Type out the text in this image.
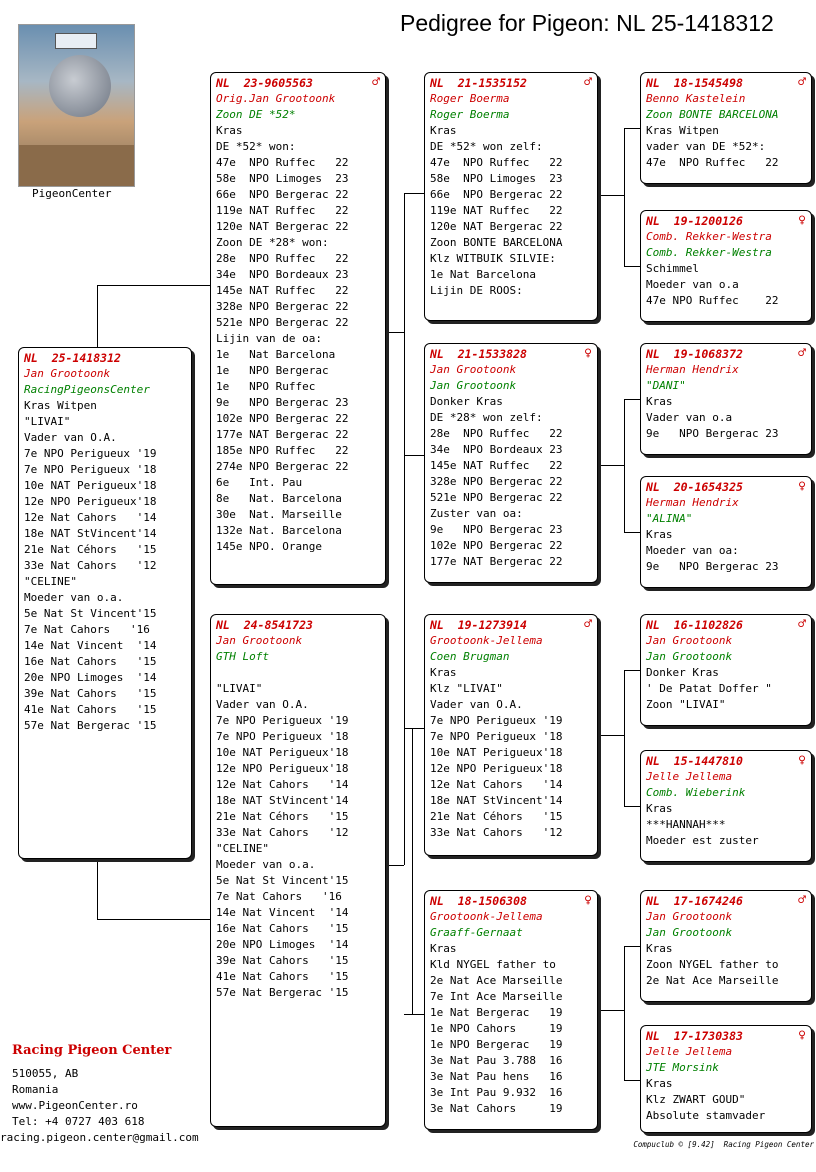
Pedigree for Pigeon: NL 25-1418312
PigeonCenter
NL  25-1418312
Jan Grootoonk
RacingPigeonsCenter
Kras Witpen
"LIVAI"
Vader van O.A.
7e NPO Perigueux '19
7e NPO Perigueux '18
10e NAT Perigueux'18
12e NPO Perigueux'18
12e Nat Cahors   '14
18e NAT StVincent'14
21e Nat Céhors   '15
33e Nat Cahors   '12
"CELINE"
Moeder van o.a.
5e Nat St Vincent'15
7e Nat Cahors   '16
14e Nat Vincent  '14
16e Nat Cahors   '15
20e NPO Limoges  '14
39e Nat Cahors   '15
41e Nat Cahors   '15
57e Nat Bergerac '15
NL  23-9605563	♂
Orig.Jan Grootoonk
Zoon DE *52*
Kras
DE *52* won:
47e  NPO Ruffec   22
58e  NPO Limoges  23
66e  NPO Bergerac 22
119e NAT Ruffec   22
120e NAT Bergerac 22
Zoon DE *28* won:
28e  NPO Ruffec   22
34e  NPO Bordeaux 23
145e NAT Ruffec   22
328e NPO Bergerac 22
521e NPO Bergerac 22
Lijin van de oa:
1e   Nat Barcelona
1e   NPO Bergerac
1e   NPO Ruffec
9e   NPO Bergerac 23
102e NPO Bergerac 22
177e NAT Bergerac 22
185e NPO Ruffec   22
274e NPO Bergerac 22
6e   Int. Pau
8e   Nat. Barcelona
30e  Nat. Marseille
132e Nat. Barcelona
145e NPO. Orange
NL  24-8541723
Jan Grootoonk
GTH Loft
"LIVAI"
Vader van O.A.
7e NPO Perigueux '19
7e NPO Perigueux '18
10e NAT Perigueux'18
12e NPO Perigueux'18
12e Nat Cahors   '14
18e NAT StVincent'14
21e Nat Céhors   '15
33e Nat Cahors   '12
"CELINE"
Moeder van o.a.
5e Nat St Vincent'15
7e Nat Cahors   '16
14e Nat Vincent  '14
16e Nat Cahors   '15
20e NPO Limoges  '14
39e Nat Cahors   '15
41e Nat Cahors   '15
57e Nat Bergerac '15
NL  21-1535152	♂
Roger Boerma
Roger Boerma
Kras
DE *52* won zelf:
47e  NPO Ruffec   22
58e  NPO Limoges  23
66e  NPO Bergerac 22
119e NAT Ruffec   22
120e NAT Bergerac 22
Zoon BONTE BARCELONA
Klz WITBUIK SILVIE:
1e Nat Barcelona
Lijin DE ROOS:
NL  21-1533828	♀
Jan Grootoonk
Jan Grootoonk
Donker Kras
DE *28* won zelf:
28e  NPO Ruffec   22
34e  NPO Bordeaux 23
145e NAT Ruffec   22
328e NPO Bergerac 22
521e NPO Bergerac 22
Zuster van oa:
9e   NPO Bergerac 23
102e NPO Bergerac 22
177e NAT Bergerac 22
NL  19-1273914	♂
Grootoonk-Jellema
Coen Brugman
Kras
Klz "LIVAI"
Vader van O.A.
7e NPO Perigueux '19
7e NPO Perigueux '18
10e NAT Perigueux'18
12e NPO Perigueux'18
12e Nat Cahors   '14
18e NAT StVincent'14
21e Nat Céhors   '15
33e Nat Cahors   '12
NL  18-1506308	♀
Grootoonk-Jellema
Graaff-Gernaat
Kras
Kld NYGEL father to
2e Nat Ace Marseille
7e Int Ace Marseille
1e Nat Bergerac   19
1e NPO Cahors     19
1e NPO Bergerac   19
3e Nat Pau 3.788  16
3e Nat Pau hens   16
3e Int Pau 9.932  16
3e Nat Cahors     19
NL  18-1545498	♂
Benno Kastelein
Zoon BONTE BARCELONA
Kras Witpen
vader van DE *52*:
47e  NPO Ruffec   22
NL  19-1200126	♀
Comb. Rekker-Westra
Comb. Rekker-Westra
Schimmel
Moeder van o.a
47e NPO Ruffec    22
NL  19-1068372	♂
Herman Hendrix
"DANI"
Kras
Vader van o.a
9e   NPO Bergerac 23
NL  20-1654325	♀
Herman Hendrix
"ALINA"
Kras
Moeder van oa:
9e   NPO Bergerac 23
NL  16-1102826	♂
Jan Grootoonk
Jan Grootoonk
Donker Kras
' De Patat Doffer "
Zoon "LIVAI"
NL  15-1447810	♀
Jelle Jellema
Comb. Wieberink
Kras
***HANNAH***
Moeder est zuster
NL  17-1674246	♂
Jan Grootoonk
Jan Grootoonk
Kras
Zoon NYGEL father to
2e Nat Ace Marseille
NL  17-1730383	♀
Jelle Jellema
JTE Morsink
Kras
Klz ZWART GOUD"
Absolute stamvader
Racing Pigeon Center
510055, AB
Romania
www.PigeonCenter.ro
Tel: +4 0727 403 618
racing.pigeon.center@gmail.com
Compuclub © [9.42]  Racing Pigeon Center
